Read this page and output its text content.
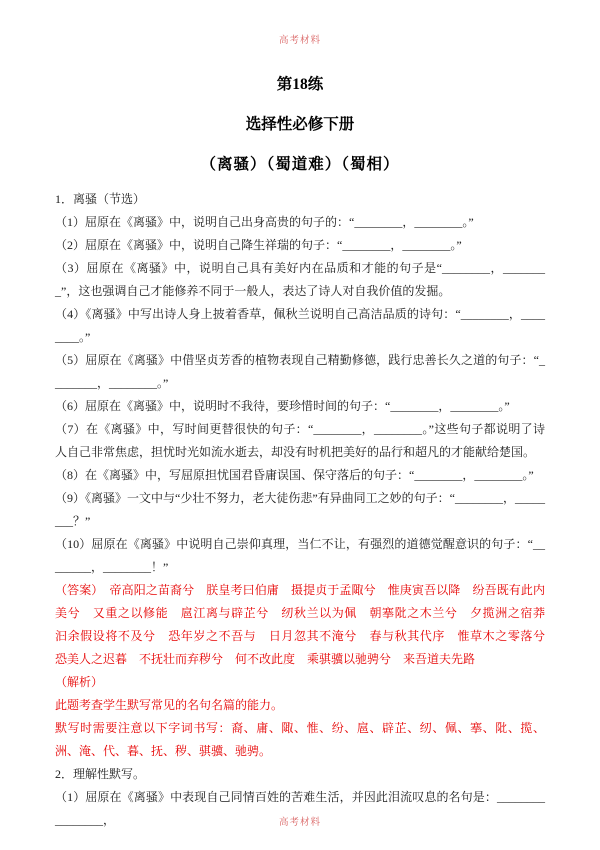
高考材料
第18练
选择性必修下册
（离骚）（蜀道难）（蜀相）

1．离骚（节选）

（1）屈原在《离骚》中，说明自己出身高贵的句子的：“________，________。”

（2）屈原在《离骚》中，说明自己降生祥瑞的句子：“________，________。”

（3）屈原在《离骚》中，说明自己具有美好内在品质和才能的句子是“________，________”，这也强调自己才能修养不同于一般人，表达了诗人对自我价值的发掘。

（4）《离骚》中写出诗人身上披着香草，佩秋兰说明自己高洁品质的诗句：“________，________。”

（5）屈原在《离骚》中借坚贞芳香的植物表现自己精勤修德，践行忠善长久之道的句子：“________，________。”

（6）屈原在《离骚》中，说明时不我待，要珍惜时间的句子：“________，________。”

（7）在《离骚》中，写时间更替很快的句子：“________，________。”这些句子都说明了诗人自己非常焦虑，担忧时光如流水逝去，却没有时机把美好的品行和超凡的才能献给楚国。

（8）在《离骚》中，写屈原担忧国君昏庸误国、保守落后的句子：“________，________。”

（9）《离骚》一文中与“少壮不努力，老大徒伤悲”有异曲同工之妙的句子：“________，________？”

（10）屈原在《离骚》中说明自己崇仰真理，当仁不让，有强烈的道德觉醒意识的句子：“________，________！”

（答案）　帝高阳之苗裔兮　朕皇考曰伯庸　摄提贞于孟陬兮　惟庚寅吾以降　纷吾既有此内美兮　又重之以修能　扈江离与辟芷兮　纫秋兰以为佩　朝搴阰之木兰兮　夕揽洲之宿莽　汩余假设将不及兮　恐年岁之不吾与　日月忽其不淹兮　春与秋其代序　惟草木之零落兮　恐美人之迟暮　不抚壮而弃秽兮　何不改此度　乘骐骥以驰骋兮　来吾道夫先路

（解析）

此题考查学生默写常见的名句名篇的能力。

默写时需要注意以下字词书写：裔、庸、陬、惟、纷、扈、辟芷、纫、佩、搴、阰、揽、洲、淹、代、暮、抚、秽、骐骥、驰骋。

2．理解性默写。

（1）屈原在《离骚》中表现自己同情百姓的苦难生活，并因此泪流叹息的名句是：________________，	高考材料
